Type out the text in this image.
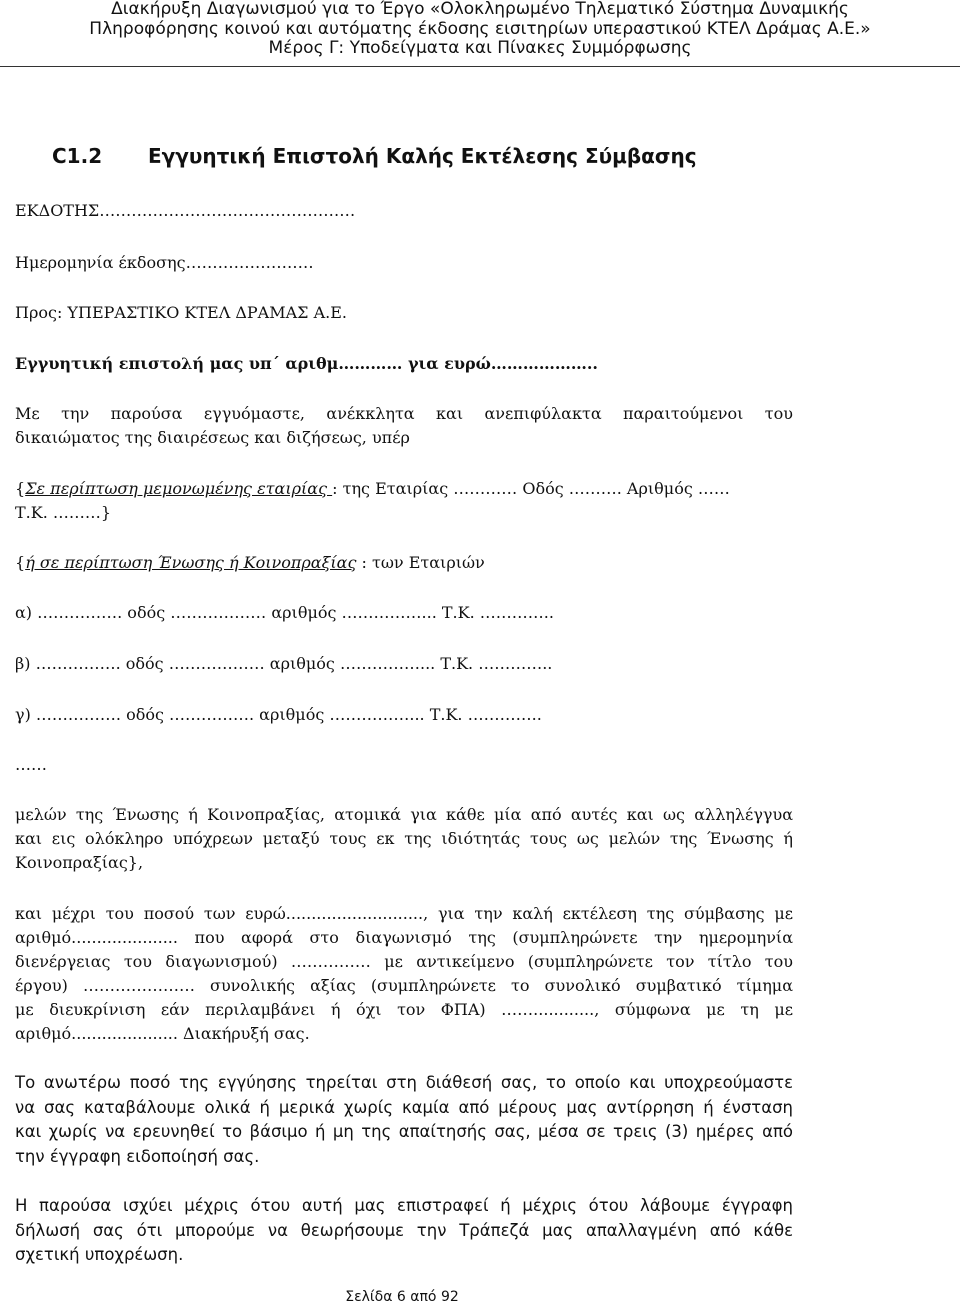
Διακήρυξη Διαγωνισμού για το Έργο «Ολοκληρωμένο Τηλεματικό Σύστημα Δυναμικής
Πληροφόρησης κοινού και αυτόματης έκδοσης εισιτηρίων υπεραστικού ΚΤΕΛ Δράμας Α.Ε.»
Μέρος Γ: Υποδείγματα και Πίνακες Συμμόρφωσης
C1.2 Εγγυητική Επιστολή Καλής Εκτέλεσης Σύμβασης
ΕΚΔΟΤΗΣ…………………………………………
Ημερομηνία έκδοσης……………………
Προς: ΥΠΕΡΑΣΤΙΚΟ ΚΤΕΛ ΔΡΑΜΑΣ Α.Ε.
Εγγυητική επιστολή μας υπ΄ αριθμ………… για ευρώ………………..
Με την παρούσα εγγυόμαστε, ανέκκλητα και ανεπιφύλακτα παραιτούμενοι του
δικαιώματος της διαιρέσεως και διζήσεως, υπέρ
{Σε περίπτωση μεμονωμένης εταιρίας : της Εταιρίας ………… Οδός ………. Αριθμός ……
Τ.Κ. ………}
{ή σε περίπτωση Ένωσης ή Κοινοπραξίας : των Εταιριών
α) ……………. οδός ……………… αριθμός ……………... Τ.Κ. …………..
β) ……………. οδός ……………… αριθμός ……………... Τ.Κ. …………..
γ) ……………. οδός ……………. αριθμός ……………... Τ.Κ. …………..
……
μελών της Ένωσης ή Κοινοπραξίας, ατομικά για κάθε μία από αυτές και ως αλληλέγγυα
και εις ολόκληρο υπόχρεων μεταξύ τους εκ της ιδιότητάς τους ως μελών της Ένωσης ή
Κοινοπραξίας},
και μέχρι του ποσού των ευρώ..........................., για την καλή εκτέλεση της σύμβασης με
αριθμό..................... που αφορά στο διαγωνισμό της (συμπληρώνετε την ημερομηνία
διενέργειας του διαγωνισμού) …………… με αντικείμενο (συμπληρώνετε τον τίτλο του
έργου) ………………… συνολικής αξίας (συμπληρώνετε το συνολικό συμβατικό τίμημα
με διευκρίνιση εάν περιλαμβάνει ή όχι τον ΦΠΑ) ……............, σύμφωνα με τη με
αριθμό..................... Διακήρυξή σας.
Το ανωτέρω ποσό της εγγύησης τηρείται στη διάθεσή σας, το οποίο και υποχρεούμαστε
να σας καταβάλουμε ολικά ή μερικά χωρίς καμία από μέρους μας αντίρρηση ή ένσταση
και χωρίς να ερευνηθεί το βάσιμο ή μη της απαίτησής σας, μέσα σε τρεις (3) ημέρες από
την έγγραφη ειδοποίησή σας.
Η παρούσα ισχύει μέχρις ότου αυτή μας επιστραφεί ή μέχρις ότου λάβουμε έγγραφη
δήλωσή σας ότι μπορούμε να θεωρήσουμε την Τράπεζά μας απαλλαγμένη από κάθε
σχετική υποχρέωση.
Σελίδα 6 από 92
